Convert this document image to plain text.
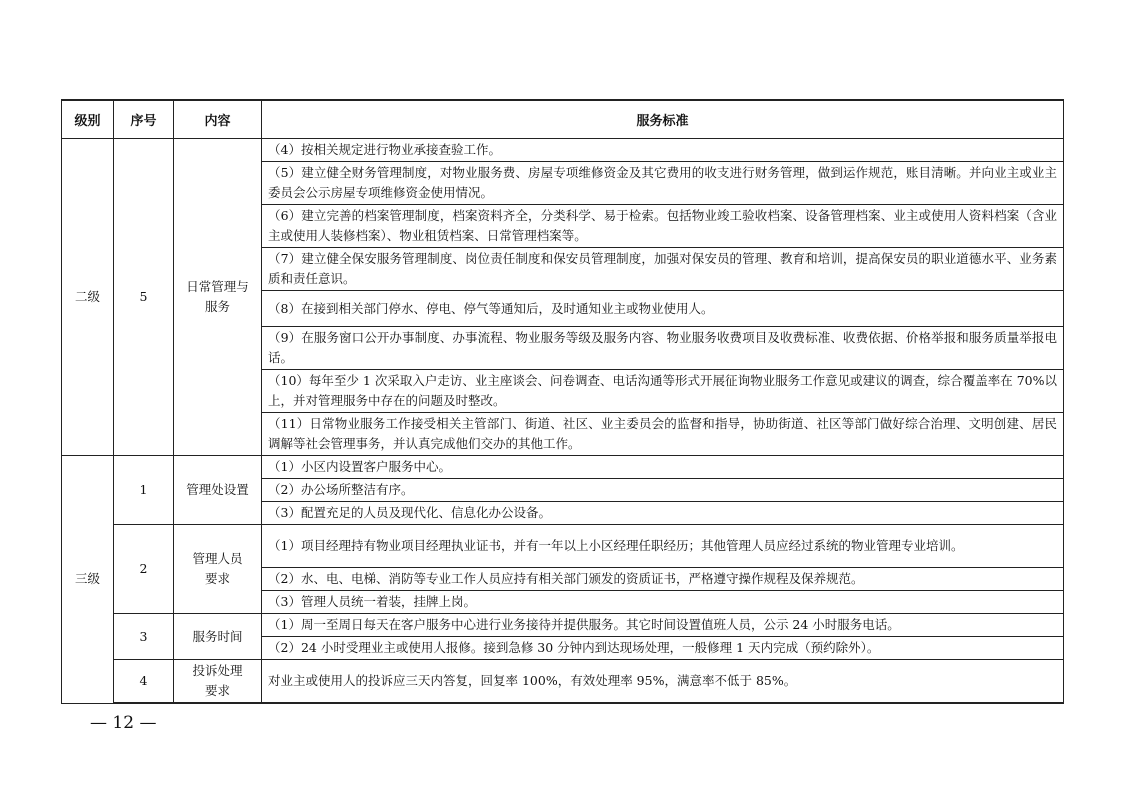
级别	序号	内容	服务标准
二级	5	日常管理与服务	（4）按相关规定进行物业承接查验工作。
			（5）建立健全财务管理制度，对物业服务费、房屋专项维修资金及其它费用的收支进行财务管理，做到运作规范，账目清晰。并向业主或业主委员会公示房屋专项维修资金使用情况。
			（6）建立完善的档案管理制度，档案资料齐全，分类科学、易于检索。包括物业竣工验收档案、设备管理档案、业主或使用人资料档案（含业主或使用人装修档案）、物业租赁档案、日常管理档案等。
			（7）建立健全保安服务管理制度、岗位责任制度和保安员管理制度，加强对保安员的管理、教育和培训，提高保安员的职业道德水平、业务素质和责任意识。
			（8）在接到相关部门停水、停电、停气等通知后，及时通知业主或物业使用人。
			（9）在服务窗口公开办事制度、办事流程、物业服务等级及服务内容、物业服务收费项目及收费标准、收费依据、价格举报和服务质量举报电话。
			（10）每年至少 1 次采取入户走访、业主座谈会、问卷调查、电话沟通等形式开展征询物业服务工作意见或建议的调查，综合覆盖率在 70%以上，并对管理服务中存在的问题及时整改。
			（11）日常物业服务工作接受相关主管部门、街道、社区、业主委员会的监督和指导，协助街道、社区等部门做好综合治理、文明创建、居民调解等社会管理事务，并认真完成他们交办的其他工作。
三级	1	管理处设置	（1）小区内设置客户服务中心。
			（2）办公场所整洁有序。
			（3）配置充足的人员及现代化、信息化办公设备。
	2	管理人员要求	（1）项目经理持有物业项目经理执业证书，并有一年以上小区经理任职经历；其他管理人员应经过系统的物业管理专业培训。
			（2）水、电、电梯、消防等专业工作人员应持有相关部门颁发的资质证书，严格遵守操作规程及保养规范。
			（3）管理人员统一着装，挂牌上岗。
	3	服务时间	（1）周一至周日每天在客户服务中心进行业务接待并提供服务。其它时间设置值班人员，公示 24 小时服务电话。
			（2）24 小时受理业主或使用人报修。接到急修 30 分钟内到达现场处理，一般修理 1 天内完成（预约除外）。
	4	投诉处理要求	对业主或使用人的投诉应三天内答复，回复率 100%，有效处理率 95%，满意率不低于 85%。
— 12 —
